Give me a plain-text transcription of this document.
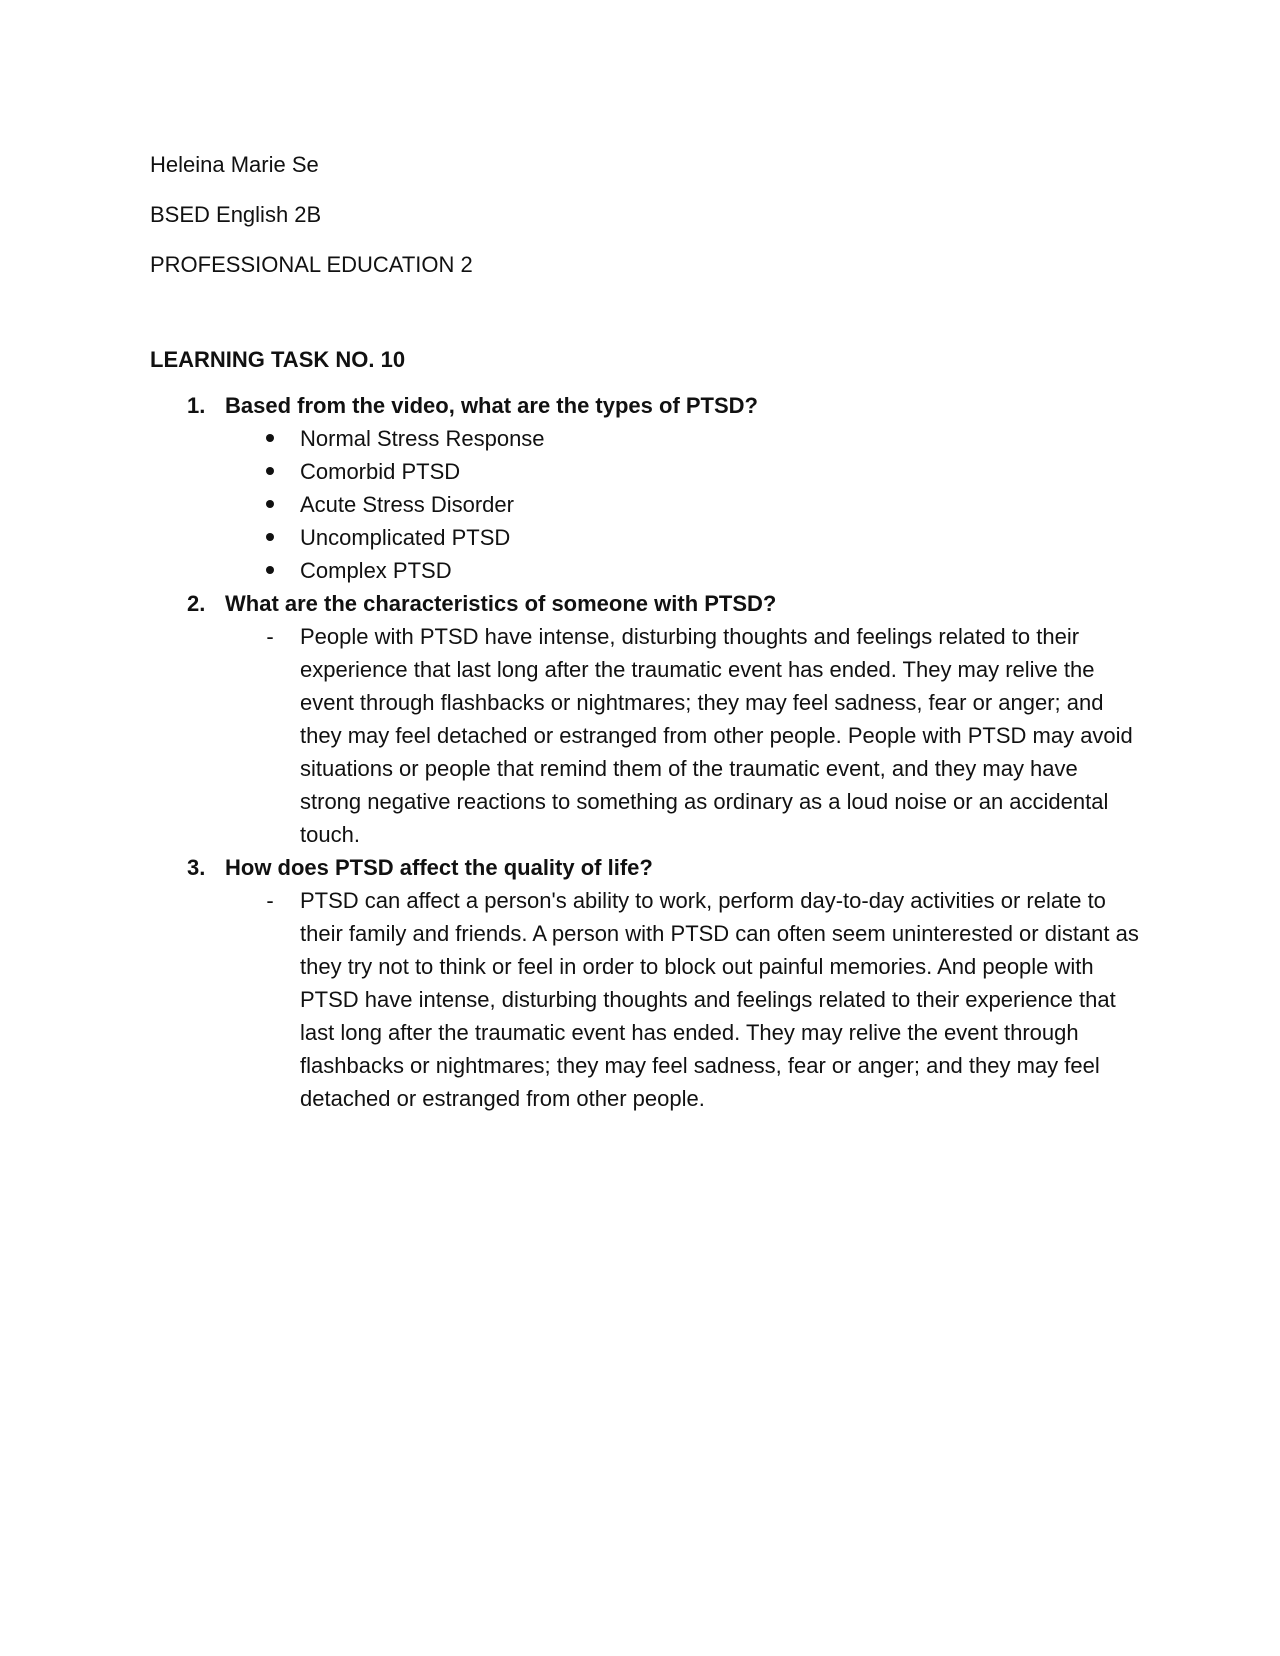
Heleina Marie Se
BSED English 2B
PROFESSIONAL EDUCATION 2
LEARNING TASK NO. 10
1. Based from the video, what are the types of PTSD?
Normal Stress Response
Comorbid PTSD
Acute Stress Disorder
Uncomplicated PTSD
Complex PTSD
2. What are the characteristics of someone with PTSD?
- People with PTSD have intense, disturbing thoughts and feelings related to their experience that last long after the traumatic event has ended. They may relive the event through flashbacks or nightmares; they may feel sadness, fear or anger; and they may feel detached or estranged from other people. People with PTSD may avoid situations or people that remind them of the traumatic event, and they may have strong negative reactions to something as ordinary as a loud noise or an accidental touch.
3. How does PTSD affect the quality of life?
- PTSD can affect a person's ability to work, perform day-to-day activities or relate to their family and friends. A person with PTSD can often seem uninterested or distant as they try not to think or feel in order to block out painful memories. And people with PTSD have intense, disturbing thoughts and feelings related to their experience that last long after the traumatic event has ended. They may relive the event through flashbacks or nightmares; they may feel sadness, fear or anger; and they may feel detached or estranged from other people.
